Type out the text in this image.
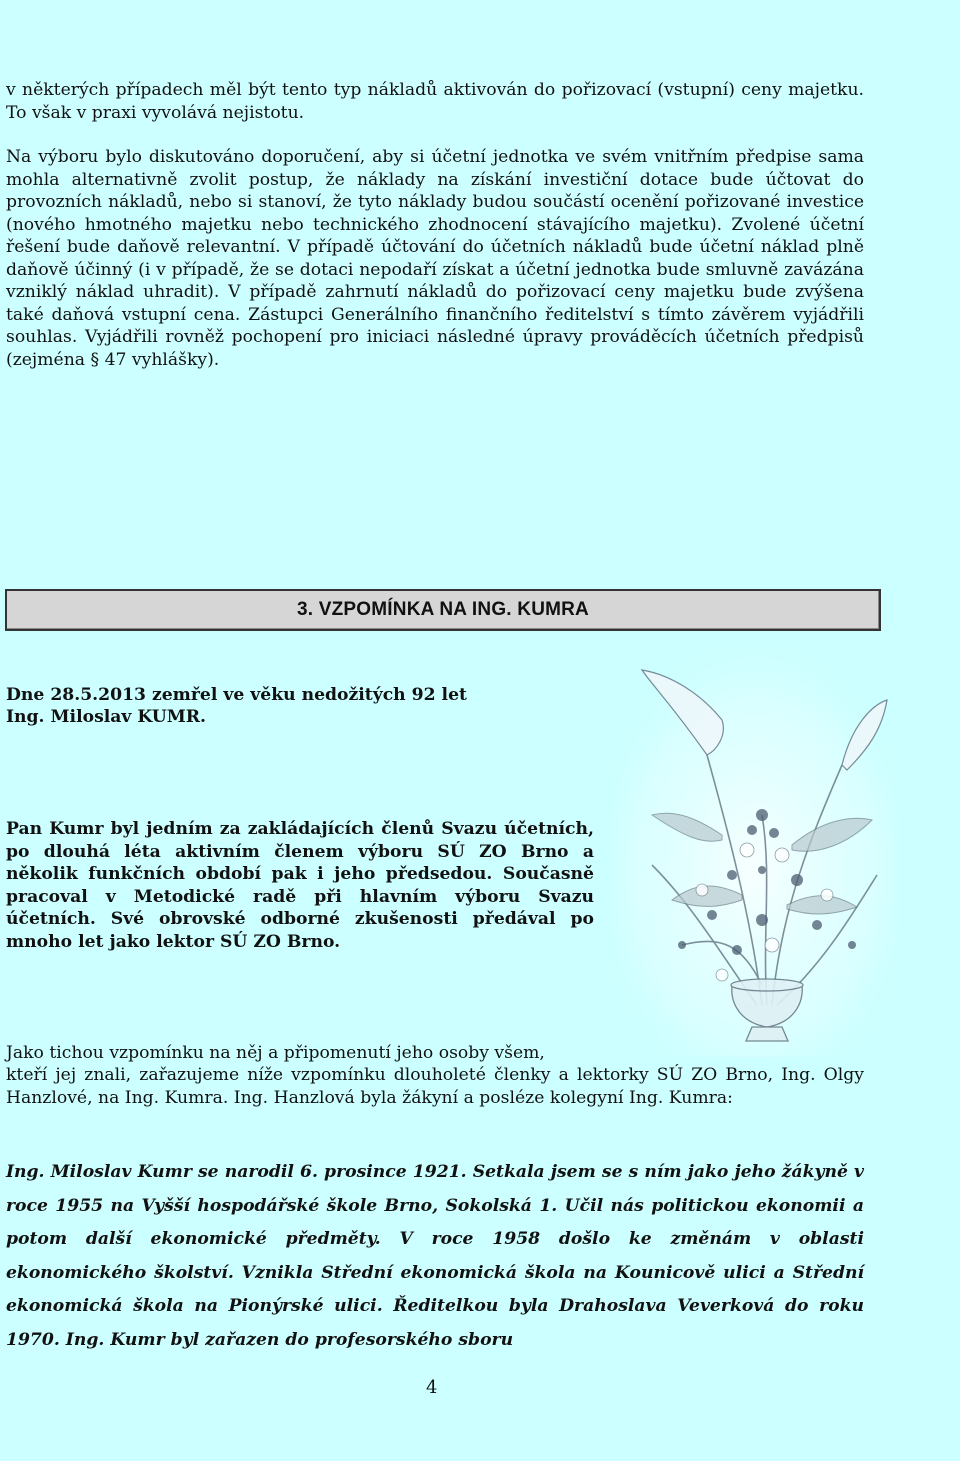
v některých případech měl být tento typ nákladů aktivován do pořizovací (vstupní) ceny majetku. To však v praxi vyvolává nejistotu.

Na výboru bylo diskutováno doporučení, aby si účetní jednotka ve svém vnitřním předpise sama mohla alternativně zvolit postup, že náklady na získání investiční dotace bude účtovat do provozních nákladů, nebo si stanoví, že tyto náklady budou součástí ocenění pořizované investice (nového hmotného majetku nebo technického zhodnocení stávajícího majetku). Zvolené účetní řešení bude daňově relevantní. V případě účtování do účetních nákladů bude účetní náklad plně daňově účinný (i v případě, že se dotaci nepodaří získat a účetní jednotka bude smluvně zavázána vzniklý náklad uhradit). V případě zahrnutí nákladů do pořizovací ceny majetku bude zvýšena také daňová vstupní cena. Zástupci Generálního finančního ředitelství s tímto závěrem vyjádřili souhlas. Vyjádřili rovněž pochopení pro iniciaci následné úpravy prováděcích účetních předpisů (zejména § 47 vyhlášky).

3. VZPOMÍNKA NA ING. KUMRA

Dne 28.5.2013 zemřel ve věku nedožitých 92 let

Ing. Miloslav KUMR.

Pan Kumr byl jedním za zakládajících členů Svazu účetních, po dlouhá léta aktivním členem výboru SÚ ZO Brno a několik funkčních období pak i jeho předsedou. Současně pracoval v Metodické radě při hlavním výboru Svazu účetních. Své obrovské odborné zkušenosti předával po mnoho let jako lektor SÚ ZO Brno.

Jako tichou vzpomínku na něj a připomenutí jeho osoby všem,

kteří jej znali, zařazujeme níže vzpomínku dlouholeté členky a lektorky SÚ ZO Brno, Ing. Olgy Hanzlové, na Ing. Kumra. Ing. Hanzlová byla žákyní a posléze kolegyní Ing. Kumra:

Ing. Miloslav Kumr se narodil 6. prosince 1921. Setkala jsem se s ním jako jeho žákyně v roce 1955 na Vyšší hospodářské škole Brno, Sokolská 1. Učil nás politickou ekonomii a potom další ekonomické předměty. V roce 1958 došlo ke změnám v oblasti ekonomického školství. Vznikla Střední ekonomická škola na Kounicově ulici a Střední ekonomická škola na Pionýrské ulici. Ředitelkou byla Drahoslava Veverková do roku 1970. Ing. Kumr byl zařazen do profesorského sboru

4
